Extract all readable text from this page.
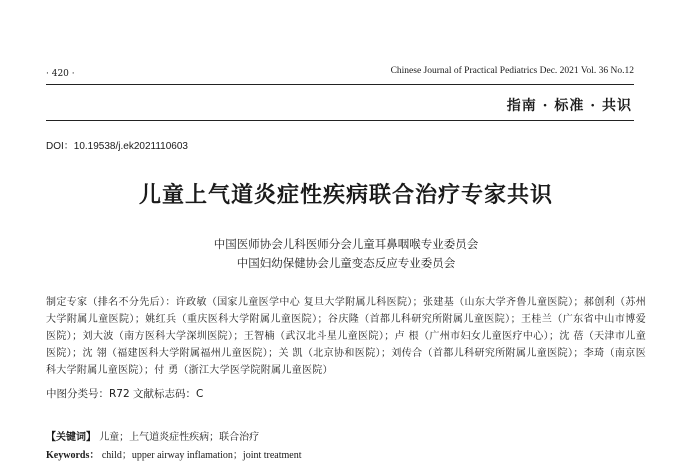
· 420 ·	Chinese Journal of Practical Pediatrics Dec. 2021 Vol. 36 No.12
指南 · 标准 · 共识
DOI：10.19538/j.ek2021110603
儿童上气道炎症性疾病联合治疗专家共识
中国医师协会儿科医师分会儿童耳鼻咽喉专业委员会
中国妇幼保健协会儿童变态反应专业委员会
制定专家（排名不分先后）：许政敏（国家儿童医学中心 复旦大学附属儿科医院）；张建基（山东大学齐鲁儿童医院）；郝创利（苏州大学附属儿童医院）；姚红兵（重庆医科大学附属儿童医院）；谷庆隆（首都儿科研究所附属儿童医院）；王桂兰（广东省中山市博爱医院）；刘大波（南方医科大学深圳医院）；王智楠（武汉北斗星儿童医院）；卢 根（广州市妇女儿童医疗中心）；沈 蓓（天津市儿童医院）；沈 翎（福建医科大学附属福州儿童医院）；关 凯（北京协和医院）；刘传合（首都儿科研究所附属儿童医院）；李琦（南京医科大学附属儿童医院）；付 勇（浙江大学医学院附属儿童医院）
中图分类号：R72 文献标志码：C
【关键词】 儿童；上气道炎症性疾病；联合治疗
Keywords： child；upper airway inflamation；joint treatment
